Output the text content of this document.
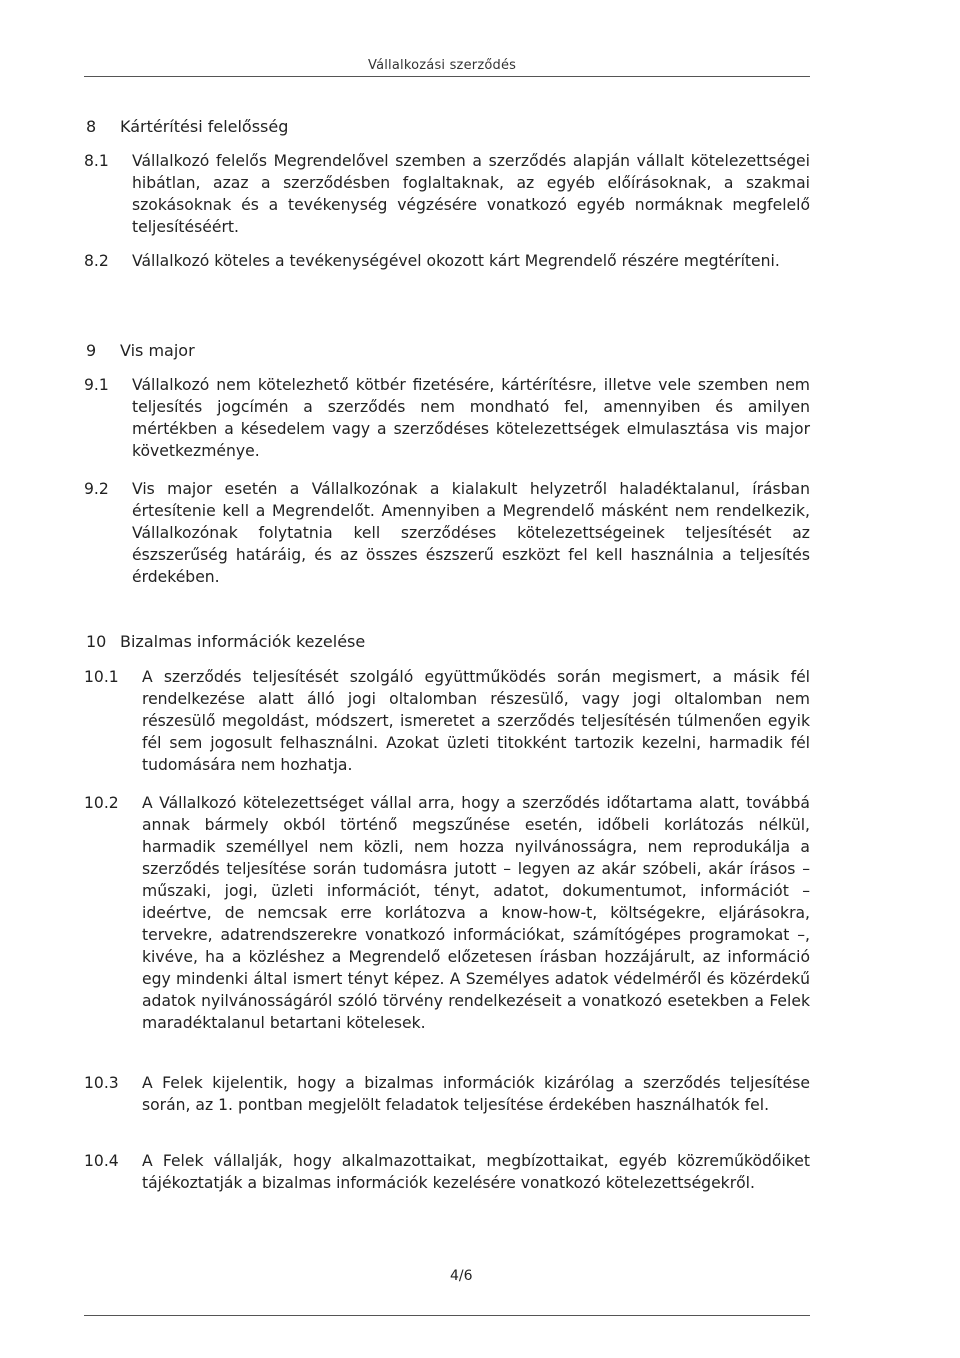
Vállalkozási szerződés
8 Kártérítési felelősség
8.1 Vállalkozó felelős Megrendelővel szemben a szerződés alapján vállalt kötelezettségei hibátlan, azaz a szerződésben foglaltaknak, az egyéb előírásoknak, a szakmai szokásoknak és a tevékenység végzésére vonatkozó egyéb normáknak megfelelő teljesítéséért.
8.2 Vállalkozó köteles a tevékenységével okozott kárt Megrendelő részére megtéríteni.
9 Vis major
9.1 Vállalkozó nem kötelezhető kötbér fizetésére, kártérítésre, illetve vele szemben nem teljesítés jogcímén a szerződés nem mondható fel, amennyiben és amilyen mértékben a késedelem vagy a szerződéses kötelezettségek elmulasztása vis major következménye.
9.2 Vis major esetén a Vállalkozónak a kialakult helyzetről haladéktalanul, írásban értesítenie kell a Megrendelőt. Amennyiben a Megrendelő másként nem rendelkezik, Vállalkozónak folytatnia kell szerződéses kötelezettségeinek teljesítését az észszerűség határáig, és az összes észszerű eszközt fel kell használnia a teljesítés érdekében.
10 Bizalmas információk kezelése
10.1 A szerződés teljesítését szolgáló együttműködés során megismert, a másik fél rendelkezése alatt álló jogi oltalomban részesülő, vagy jogi oltalomban nem részesülő megoldást, módszert, ismeretet a szerződés teljesítésén túlmenően egyik fél sem jogosult felhasználni. Azokat üzleti titokként tartozik kezelni, harmadik fél tudomására nem hozhatja.
10.2 A Vállalkozó kötelezettséget vállal arra, hogy a szerződés időtartama alatt, továbbá annak bármely okból történő megszűnése esetén, időbeli korlátozás nélkül, harmadik személlyel nem közli, nem hozza nyilvánosságra, nem reprodukálja a szerződés teljesítése során tudomásra jutott – legyen az akár szóbeli, akár írásos – műszaki, jogi, üzleti információt, tényt, adatot, dokumentumot, információt – ideértve, de nemcsak erre korlátozva a know-how-t, költségekre, eljárásokra, tervekre, adatrendszerekre vonatkozó információkat, számítógépes programokat –, kivéve, ha a közléshez a Megrendelő előzetesen írásban hozzájárult, az információ egy mindenki által ismert tényt képez. A Személyes adatok védelméről és közérdekű adatok nyilvánosságáról szóló törvény rendelkezéseit a vonatkozó esetekben a Felek maradéktalanul betartani kötelesek.
10.3 A Felek kijelentik, hogy a bizalmas információk kizárólag a szerződés teljesítése során, az 1. pontban megjelölt feladatok teljesítése érdekében használhatók fel.
10.4 A Felek vállalják, hogy alkalmazottaikat, megbízottaikat, egyéb közreműködőiket tájékoztatják a bizalmas információk kezelésére vonatkozó kötelezettségekről.
4/6
